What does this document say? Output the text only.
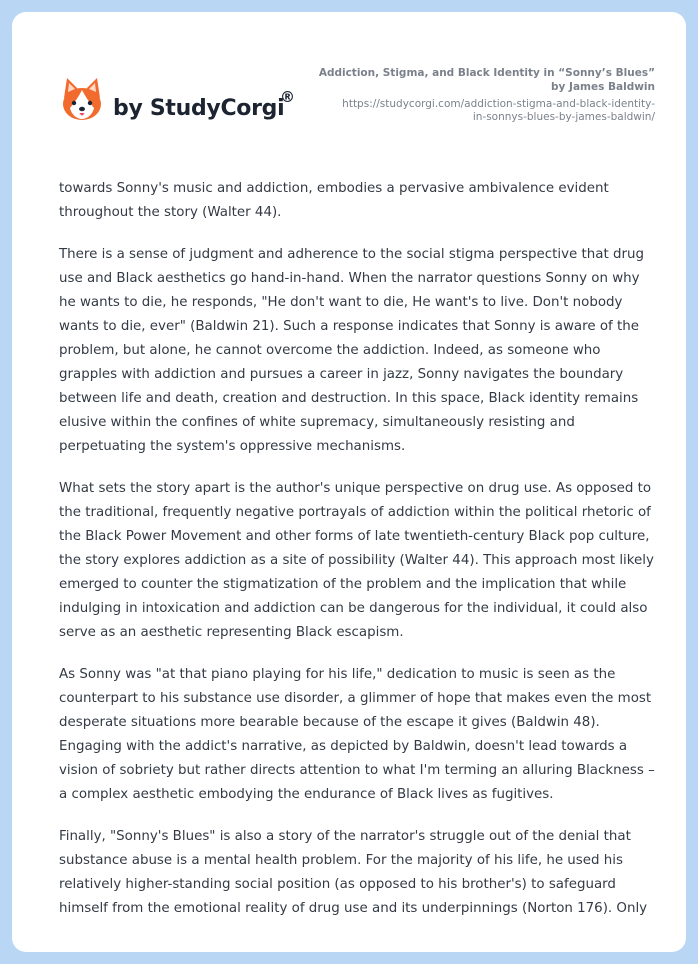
by StudyCorgi
®
Addiction, Stigma, and Black Identity in “Sonny’s Blues”
by James Baldwin
https://studycorgi.com/addiction-stigma-and-black-identity-
in-sonnys-blues-by-james-baldwin/

towards Sonny's music and addiction, embodies a pervasive ambivalence evident throughout the story (Walter 44).

There is a sense of judgment and adherence to the social stigma perspective that drug use and Black aesthetics go hand-in-hand. When the narrator questions Sonny on why he wants to die, he responds, "He don't want to die, He want's to live. Don't nobody wants to die, ever" (Baldwin 21). Such a response indicates that Sonny is aware of the problem, but alone, he cannot overcome the addiction. Indeed, as someone who grapples with addiction and pursues a career in jazz, Sonny navigates the boundary between life and death, creation and destruction. In this space, Black identity remains elusive within the confines of white supremacy, simultaneously resisting and perpetuating the system's oppressive mechanisms.

What sets the story apart is the author's unique perspective on drug use. As opposed to the traditional, frequently negative portrayals of addiction within the political rhetoric of the Black Power Movement and other forms of late twentieth-century Black pop culture, the story explores addiction as a site of possibility (Walter 44). This approach most likely emerged to counter the stigmatization of the problem and the implication that while indulging in intoxication and addiction can be dangerous for the individual, it could also serve as an aesthetic representing Black escapism.

As Sonny was "at that piano playing for his life," dedication to music is seen as the counterpart to his substance use disorder, a glimmer of hope that makes even the most desperate situations more bearable because of the escape it gives (Baldwin 48). Engaging with the addict's narrative, as depicted by Baldwin, doesn't lead towards a vision of sobriety but rather directs attention to what I'm terming an alluring Blackness – a complex aesthetic embodying the endurance of Black lives as fugitives.

Finally, "Sonny's Blues" is also a story of the narrator's struggle out of the denial that substance abuse is a mental health problem. For the majority of his life, he used his relatively higher-standing social position (as opposed to his brother's) to safeguard himself from the emotional reality of drug use and its underpinnings (Norton 176). Only
